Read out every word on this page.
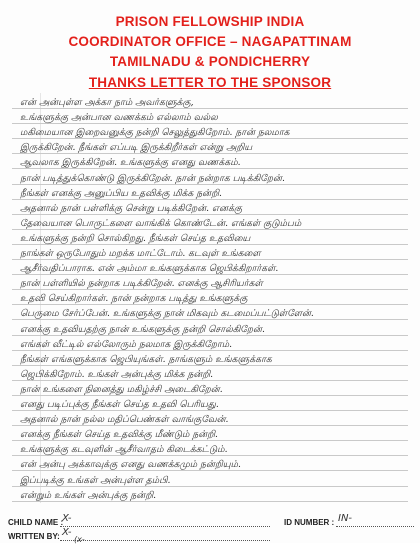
PRISON FELLOWSHIP INDIA
COORDINATOR OFFICE – NAGAPATTINAM
TAMILNADU & PONDICHERRY
THANKS LETTER TO THE SPONSOR
என் அன்புள்ள அக்கா நாம் அவர்களுக்கு,
உங்களுக்கு அன்பான வணக்கம் எல்லாம் வல்ல
மகிமையான இறைவனுக்கு நன்றி செலுத்துகிறோம். நான் நலமாக
இருக்கிறேன். நீங்கள் எப்படி இருக்கிறீர்கள் என்று அறிய
ஆவலாக இருக்கிறேன். உங்களுக்கு எனது வணக்கம்.
நான் படித்துக்கொண்டு இருக்கிறேன். நான் நன்றாக படிக்கிறேன்.
நீங்கள் எனக்கு அனுப்பிய உதவிக்கு மிக்க நன்றி.
அதனால் நான் பள்ளிக்கு சென்று படிக்கிறேன். எனக்கு
தேவையான பொருட்களை வாங்கிக் கொண்டேன். எங்கள் குடும்பம்
உங்களுக்கு நன்றி சொல்கிறது. நீங்கள் செய்த உதவியை
நாங்கள் ஒருபோதும் மறக்க மாட்டோம். கடவுள் உங்களை
ஆசீர்வதிப்பாராக. என் அம்மா உங்களுக்காக ஜெபிக்கிறார்கள்.
நான் பள்ளியில் நன்றாக படிக்கிறேன். எனக்கு ஆசிரியர்கள்
உதவி செய்கிறார்கள். நான் நன்றாக படித்து உங்களுக்கு
பெருமை சேர்ப்பேன். உங்களுக்கு நான் மிகவும் கடமைப்பட்டுள்ளேன்.
எனக்கு உதவியதற்கு நான் உங்களுக்கு நன்றி சொல்கிறேன்.
எங்கள் வீட்டில் எல்லோரும் நலமாக இருக்கிறோம்.
நீங்கள் எங்களுக்காக ஜெபியுங்கள். நாங்களும் உங்களுக்காக
ஜெபிக்கிறோம். உங்கள் அன்புக்கு மிக்க நன்றி.
நான் உங்களை நினைத்து மகிழ்ச்சி அடைகிறேன்.
எனது படிப்புக்கு நீங்கள் செய்த உதவி பெரியது.
அதனால் நான் நல்ல மதிப்பெண்கள் வாங்குவேன்.
எனக்கு நீங்கள் செய்த உதவிக்கு மீண்டும் நன்றி.
உங்களுக்கு கடவுளின் ஆசீர்வாதம் கிடைக்கட்டும்.
என் அன்பு அக்காவுக்கு எனது வணக்கமும் நன்றியும்.
இப்படிக்கு உங்கள் அன்புள்ள தம்பி.
என்றும் உங்கள் அன்புக்கு நன்றி.
CHILD NAME :
X-	ID NUMBER : IN-
WRITTEN BY: X-
(x-
